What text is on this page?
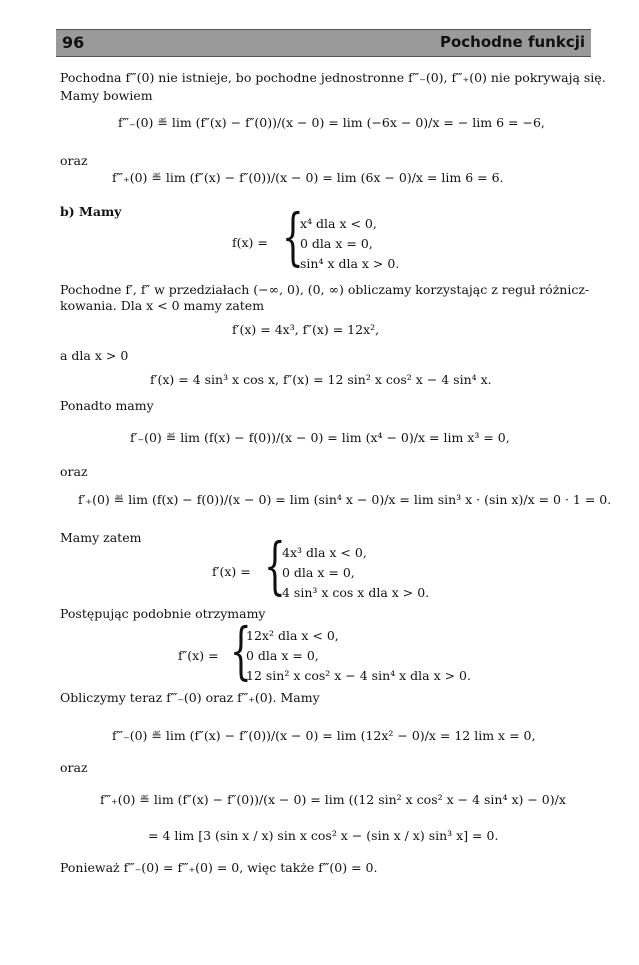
96	Pochodne funkcji
Pochodna f‴(0) nie istnieje, bo pochodne jednostronne f‴₋(0), f‴₊(0) nie pokrywają się.
Mamy bowiem
f‴₋(0) ≝ lim (f″(x) − f″(0))/(x − 0) = lim (−6x − 0)/x = − lim 6 = −6,
oraz
f‴₊(0) ≝ lim (f″(x) − f″(0))/(x − 0) = lim (6x − 0)/x = lim 6 = 6.
b) Mamy
f(x) = {
x⁴ dla x < 0,
0 dla x = 0,
sin⁴ x dla x > 0.
Pochodne f′, f″ w przedziałach (−∞, 0), (0, ∞) obliczamy korzystając z reguł różnicz-
kowania. Dla x < 0 mamy zatem
f′(x) = 4x³, f″(x) = 12x²,
a dla x > 0
f′(x) = 4 sin³ x cos x, f″(x) = 12 sin² x cos² x − 4 sin⁴ x.
Ponadto mamy
f′₋(0) ≝ lim (f(x) − f(0))/(x − 0) = lim (x⁴ − 0)/x = lim x³ = 0,
oraz
f′₊(0) ≝ lim (f(x) − f(0))/(x − 0) = lim (sin⁴ x − 0)/x = lim sin³ x · (sin x)/x = 0 · 1 = 0.
Mamy zatem
f′(x) = {
4x³ dla x < 0,
0 dla x = 0,
4 sin³ x cos x dla x > 0.
Postępując podobnie otrzymamy
f″(x) = {
12x² dla x < 0,
0 dla x = 0,
12 sin² x cos² x − 4 sin⁴ x dla x > 0.
Obliczymy teraz f‴₋(0) oraz f‴₊(0). Mamy
f‴₋(0) ≝ lim (f″(x) − f″(0))/(x − 0) = lim (12x² − 0)/x = 12 lim x = 0,
oraz
f‴₊(0) ≝ lim (f″(x) − f″(0))/(x − 0) = lim ((12 sin² x cos² x − 4 sin⁴ x) − 0)/x
= 4 lim [3 (sin x / x) sin x cos² x − (sin x / x) sin³ x] = 0.
Ponieważ f‴₋(0) = f‴₊(0) = 0, więc także f‴(0) = 0.
